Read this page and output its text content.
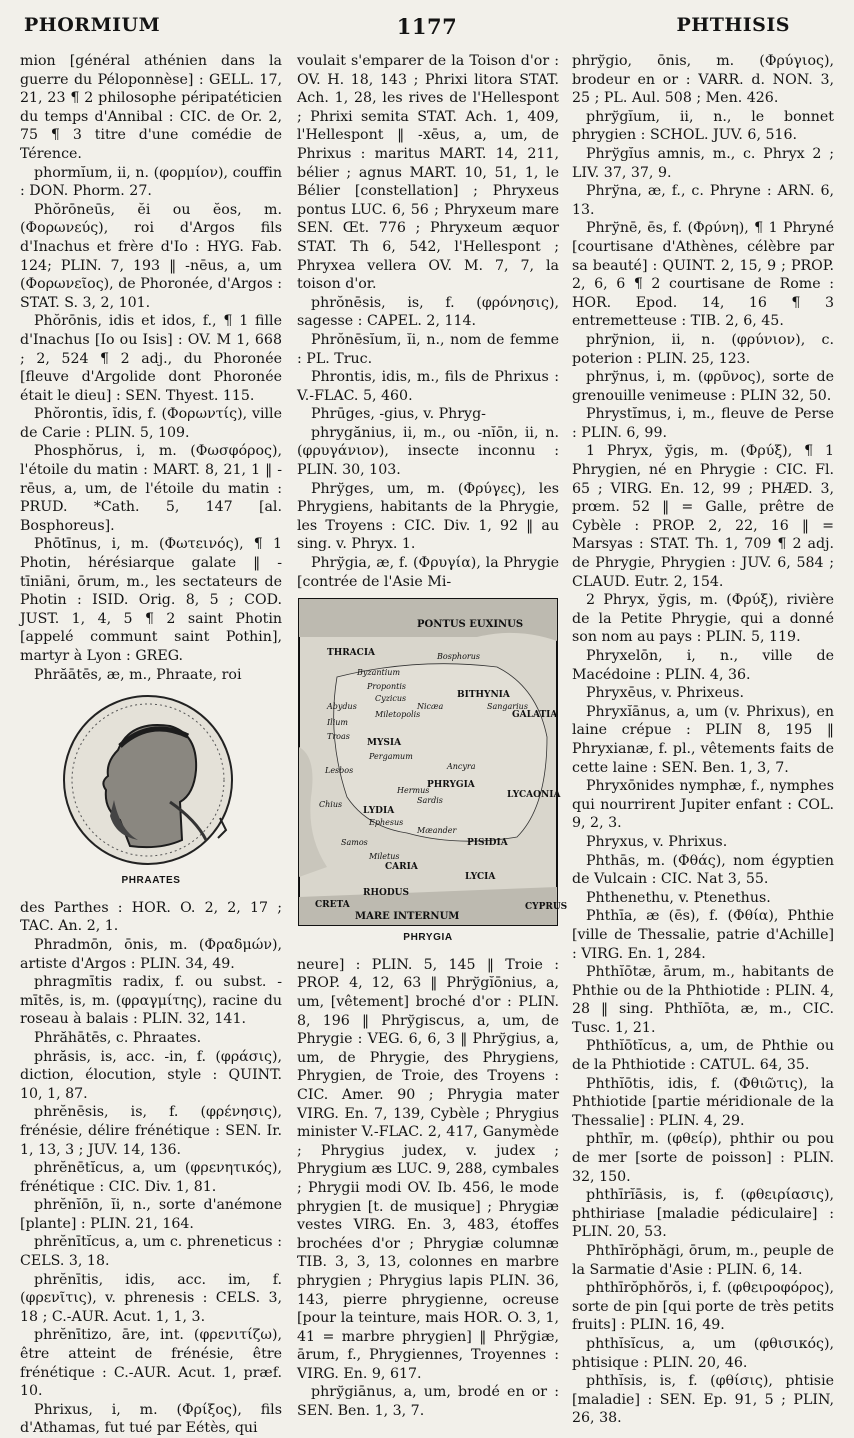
PHORMIUM	1177	PHTHISIS

mion [général athénien dans la guerre du Péloponnèse] : GELL. 17, 21, 23 ¶ 2 philosophe péripatéticien du temps d'Annibal : CIC. de Or. 2, 75 ¶ 3 titre d'une comédie de Térence.

phormĭum, ii, n. (φορμίον), couffin : DON. Phorm. 27.

Phŏrōneūs, ĕi ou ĕos, m. (Φορωνεύς), roi d'Argos fils d'Inachus et frère d'Io : HYG. Fab. 124; PLIN. 7, 193 ‖ -nēus, a, um (Φορωνεῖος), de Phoronée, d'Argos : STAT. S. 3, 2, 101.

Phŏrōnis, idis et idos, f., ¶ 1 fille d'Inachus [Io ou Isis] : OV. M 1, 668 ; 2, 524 ¶ 2 adj., du Phoronée [fleuve d'Argolide dont Phoronée était le dieu] : SEN. Thyest. 115.

Phŏrontis, ĭdis, f. (Φορωντίς), ville de Carie : PLIN. 5, 109.

Phosphŏrus, i, m. (Φωσφόρος), l'étoile du matin : MART. 8, 21, 1 ‖ -rēus, a, um, de l'étoile du matin : PRUD. *Cath. 5, 147 [al. Bosphoreus].

Phōtīnus, i, m. (Φωτεινός), ¶ 1 Photin, hérésiarque galate ‖ -tīniāni, ōrum, m., les sectateurs de Photin : ISID. Orig. 8, 5 ; COD. JUST. 1, 4, 5 ¶ 2 saint Photin [appelé communt saint Pothin], martyr à Lyon : GREG.

Phrăātēs, æ, m., Phraate, roi

PHRAATES

des Parthes : HOR. O. 2, 2, 17 ; TAC. An. 2, 1.

Phradmōn, ōnis, m. (Φραδμών), artiste d'Argos : PLIN. 34, 49.

phragmītis radix, f. ou subst. -mītēs, is, m. (φραγμίτης), racine du roseau à balais : PLIN. 32, 141.

Phrăhātēs, c. Phraates.

phrăsis, is, acc. -in, f. (φράσις), diction, élocution, style : QUINT. 10, 1, 87.

phrĕnēsis, is, f. (φρένησις), frénésie, délire frénétique : SEN. Ir. 1, 13, 3 ; JUV. 14, 136.

phrĕnētĭcus, a, um (φρενητικός), frénétique : CIC. Div. 1, 81.

phrĕnĭōn, ĭi, n., sorte d'anémone [plante] : PLIN. 21, 164.

phrĕnītĭcus, a, um c. phreneticus : CELS. 3, 18.

phrĕnītis, idis, acc. im, f. (φρενῖτις), v. phrenesis : CELS. 3, 18 ; C.-AUR. Acut. 1, 1, 3.

phrĕnītizo, āre, int. (φρενιτίζω), être atteint de frénésie, être frénétique : C.-AUR. Acut. 1, præf. 10.

Phrixus, i, m. (Φρίξος), fils d'Athamas, fut tué par Eétès, qui

voulait s'emparer de la Toison d'or : OV. H. 18, 143 ; Phrixi litora STAT. Ach. 1, 28, les rives de l'Hellespont ; Phrixi semita STAT. Ach. 1, 409, l'Hellespont ‖ -xēus, a, um, de Phrixus : maritus MART. 14, 211, bélier ; agnus MART. 10, 51, 1, le Bélier [constellation] ; Phryxeus pontus LUC. 6, 56 ; Phryxeum mare SEN. Œt. 776 ; Phryxeum æquor STAT. Th 6, 542, l'Hellespont ; Phryxea vellera OV. M. 7, 7, la toison d'or.

phrŏnēsis, is, f. (φρόνησις), sagesse : CAPEL. 2, 114.

Phrŏnēsĭum, ĭi, n., nom de femme : PL. Truc.

Phrontis, idis, m., fils de Phrixus : V.-FLAC. 5, 460.

Phrūges, -gius, v. Phryg-

phrygănius, ii, m., ou -nĭōn, ii, n. (φρυγάνιον), insecte inconnu : PLIN. 30, 103.

Phrўges, um, m. (Φρύγες), les Phrygiens, habitants de la Phrygie, les Troyens : CIC. Div. 1, 92 ‖ au sing. v. Phryx. 1.

Phrўgia, æ, f. (Φρυγία), la Phrygie [contrée de l'Asie Mi-

PONTUS EUXINUS
THRACIA	Bosphorus
Byzantium
Propontis
Cyzicus	BITHYNIA
Nicæa	Sangarius
GALATIA
Abydus
Miletopolis
Ilium
Troas
MYSIA
Pergamum
Ancyra
PHRYGIA
Lesbos
Hermus
Sardis
Chius
LYDIA
Ephesus
LYCAONIA
Samos
Mæander
Miletus
CARIA
PISIDIA
LYCIA
RHODUS
CRETA
MARE INTERNUM
CYPRUS
PHRYGIA

neure] : PLIN. 5, 145 ‖ Troie : PROP. 4, 12, 63 ‖ Phrўgĭōnius, a, um, [vêtement] broché d'or : PLIN. 8, 196 ‖ Phrўgiscus, a, um, de Phrygie : VEG. 6, 6, 3 ‖ Phrўgius, a, um, de Phrygie, des Phrygiens, Phrygien, de Troie, des Troyens : CIC. Amer. 90 ; Phrygia mater VIRG. En. 7, 139, Cybèle ; Phrygius minister V.-FLAC. 2, 417, Ganymède ; Phrygius judex, v. judex ; Phrygium æs LUC. 9, 288, cymbales ; Phrygii modi OV. Ib. 456, le mode phrygien [t. de musique] ; Phrygiæ vestes VIRG. En. 3, 483, étoffes brochées d'or ; Phrygiæ columnæ TIB. 3, 3, 13, colonnes en marbre phrygien ; Phrygius lapis PLIN. 36, 143, pierre phrygienne, ocreuse [pour la teinture, mais HOR. O. 3, 1, 41 = marbre phrygien] ‖ Phrўgiæ, ārum, f., Phrygiennes, Troyennes : VIRG. En. 9, 617.

phrўgiānus, a, um, brodé en or : SEN. Ben. 1, 3, 7.

phrўgio, ōnis, m. (Φρύγιος), brodeur en or : VARR. d. NON. 3, 25 ; PL. Aul. 508 ; Men. 426.

phrўgĭum, ii, n., le bonnet phrygien : SCHOL. JUV. 6, 516.

Phrўgĭus amnis, m., c. Phryx 2 ; LIV. 37, 37, 9.

Phrўna, æ, f., c. Phryne : ARN. 6, 13.

Phrўnē, ēs, f. (Φρύνη), ¶ 1 Phryné [courtisane d'Athènes, célèbre par sa beauté] : QUINT. 2, 15, 9 ; PROP. 2, 6, 6 ¶ 2 courtisane de Rome : HOR. Epod. 14, 16 ¶ 3 entremetteuse : TIB. 2, 6, 45.

phrўnion, ii, n. (φρύνιον), c. poterion : PLIN. 25, 123.

phrўnus, i, m. (φρῦνος), sorte de grenouille venimeuse : PLIN 32, 50.

Phrystĭmus, i, m., fleuve de Perse : PLIN. 6, 99.

1 Phryx, ўgis, m. (Φρύξ), ¶ 1 Phrygien, né en Phrygie : CIC. Fl. 65 ; VIRG. En. 12, 99 ; PHÆD. 3, prœm. 52 ‖ = Galle, prêtre de Cybèle : PROP. 2, 22, 16 ‖ = Marsyas : STAT. Th. 1, 709 ¶ 2 adj. de Phrygie, Phrygien : JUV. 6, 584 ; CLAUD. Eutr. 2, 154.

2 Phryx, ўgis, m. (Φρύξ), rivière de la Petite Phrygie, qui a donné son nom au pays : PLIN. 5, 119.

Phryxelōn, i, n., ville de Macédoine : PLIN. 4, 36.

Phryxēus, v. Phrixeus.

Phryxĭānus, a, um (v. Phrixus), en laine crépue : PLIN 8, 195 ‖ Phryxianæ, f. pl., vêtements faits de cette laine : SEN. Ben. 1, 3, 7.

Phryxōnides nymphæ, f., nymphes qui nourrirent Jupiter enfant : COL. 9, 2, 3.

Phryxus, v. Phrixus.

Phthās, m. (Φθάς), nom égyptien de Vulcain : CIC. Nat 3, 55.

Phthenethu, v. Ptenethus.

Phthīa, æ (ēs), f. (Φθία), Phthie [ville de Thessalie, patrie d'Achille] : VIRG. En. 1, 284.

Phthĭōtæ, ārum, m., habitants de Phthie ou de la Phthiotide : PLIN. 4, 28 ‖ sing. Phthĭōta, æ, m., CIC. Tusc. 1, 21.

Phthĭōtĭcus, a, um, de Phthie ou de la Phthiotide : CATUL. 64, 35.

Phthĭōtis, idis, f. (Φθιῶτις), la Phthiotide [partie méridionale de la Thessalie] : PLIN. 4, 29.

phthīr, m. (φθείρ), phthir ou pou de mer [sorte de poisson] : PLIN. 32, 150.

phthīrĭāsis, is, f. (φθειρίασις), phthiriase [maladie pédiculaire] : PLIN. 20, 53.

Phthīrŏphăgi, ōrum, m., peuple de la Sarmatie d'Asie : PLIN. 6, 14.

phthīrŏphŏrŏs, i, f. (φθειροφόρος), sorte de pin [qui porte de très petits fruits] : PLIN. 16, 49.

phthĭsĭcus, a, um (φθισικός), phtisique : PLIN. 20, 46.

phthĭsis, is, f. (φθίσις), phtisie [maladie] : SEN. Ep. 91, 5 ; PLIN, 26, 38.
